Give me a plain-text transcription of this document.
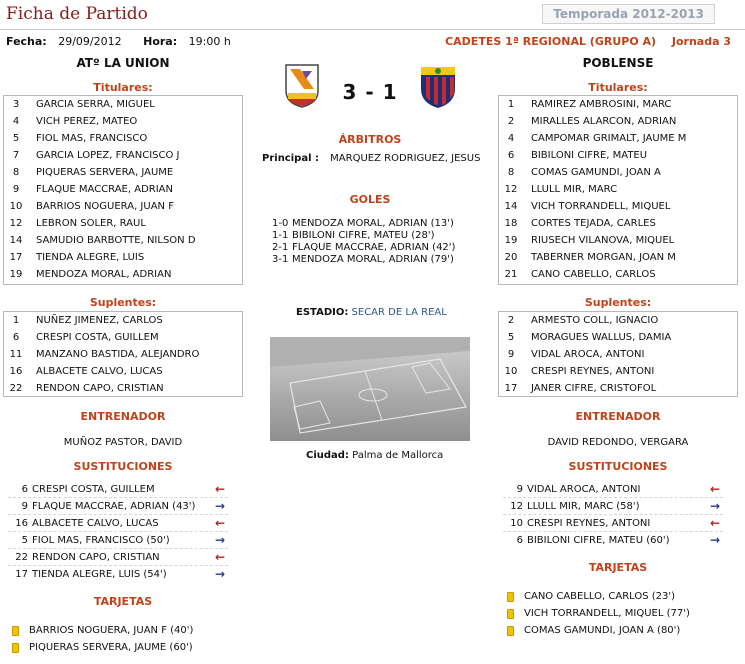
Ficha de Partido	Temporada 2012-2013
Fecha: 29/09/2012 Hora: 19:00 h	CADETES 1ª REGIONAL (GRUPO A) Jornada 3
ATº LA UNION
Titulares:
3	GARCIA SERRA, MIGUEL
4	VICH PEREZ, MATEO
5	FIOL MAS, FRANCISCO
7	GARCIA LOPEZ, FRANCISCO J
8	PIQUERAS SERVERA, JAUME
9	FLAQUE MACCRAE, ADRIAN
10	BARRIOS NOGUERA, JUAN F
12	LEBRON SOLER, RAUL
14	SAMUDIO BARBOTTE, NILSON D
17	TIENDA ALEGRE, LUIS
19	MENDOZA MORAL, ADRIAN
Suplentes:
1	NUÑEZ JIMENEZ, CARLOS
6	CRESPI COSTA, GUILLEM
11	MANZANO BASTIDA, ALEJANDRO
16	ALBACETE CALVO, LUCAS
22	RENDON CAPO, CRISTIAN
ENTRENADOR
MUÑOZ PASTOR, DAVID
SUSTITUCIONES
6 CRESPI COSTA, GUILLEM	←
9 FLAQUE MACCRAE, ADRIAN (43')	→
16 ALBACETE CALVO, LUCAS	←
5 FIOL MAS, FRANCISCO (50')	→
22 RENDON CAPO, CRISTIAN	←
17 TIENDA ALEGRE, LUIS (54')	→
TARJETAS
BARRIOS NOGUERA, JUAN F (40')
PIQUERAS SERVERA, JAUME (60')
3 - 1
ÁRBITROS
Principal : MARQUEZ RODRIGUEZ, JESUS
GOLES
1-0 MENDOZA MORAL, ADRIAN (13')
1-1 BIBILONI CIFRE, MATEU (28')
2-1 FLAQUE MACCRAE, ADRIAN (42')
3-1 MENDOZA MORAL, ADRIAN (79')
ESTADIO: SECAR DE LA REAL
Ciudad: Palma de Mallorca
POBLENSE
Titulares:
1	RAMIREZ AMBROSINI, MARC
2	MIRALLES ALARCON, ADRIAN
4	CAMPOMAR GRIMALT, JAUME M
6	BIBILONI CIFRE, MATEU
8	COMAS GAMUNDI, JOAN A
12	LLULL MIR, MARC
14	VICH TORRANDELL, MIQUEL
18	CORTES TEJADA, CARLES
19	RIUSECH VILANOVA, MIQUEL
20	TABERNER MORGAN, JOAN M
21	CANO CABELLO, CARLOS
Suplentes:
2	ARMESTO COLL, IGNACIO
5	MORAGUES WALLUS, DAMIA
9	VIDAL AROCA, ANTONI
10	CRESPI REYNES, ANTONI
17	JANER CIFRE, CRISTOFOL
ENTRENADOR
DAVID REDONDO, VERGARA
SUSTITUCIONES
9 VIDAL AROCA, ANTONI	←
12 LLULL MIR, MARC (58')	→
10 CRESPI REYNES, ANTONI	←
6 BIBILONI CIFRE, MATEU (60')	→
TARJETAS
CANO CABELLO, CARLOS (23')
VICH TORRANDELL, MIQUEL (77')
COMAS GAMUNDI, JOAN A (80')
